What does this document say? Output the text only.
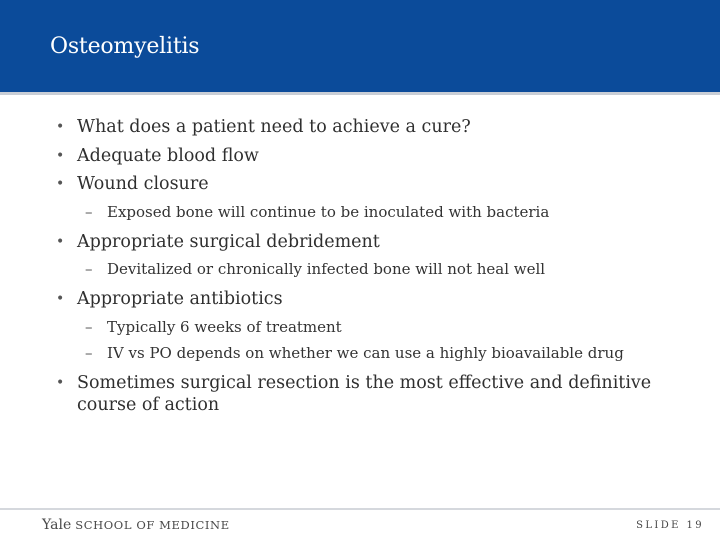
Osteomyelitis
• What does a patient need to achieve a cure?
• Adequate blood flow
• Wound closure
– Exposed bone will continue to be inoculated with bacteria
• Appropriate surgical debridement
– Devitalized or chronically infected bone will not heal well
• Appropriate antibiotics
– Typically 6 weeks of treatment
– IV vs PO depends on whether we can use a highly bioavailable drug
• Sometimes surgical resection is the most effective and definitive course of action
Yale SCHOOL OF MEDICINE	SLIDE 19
